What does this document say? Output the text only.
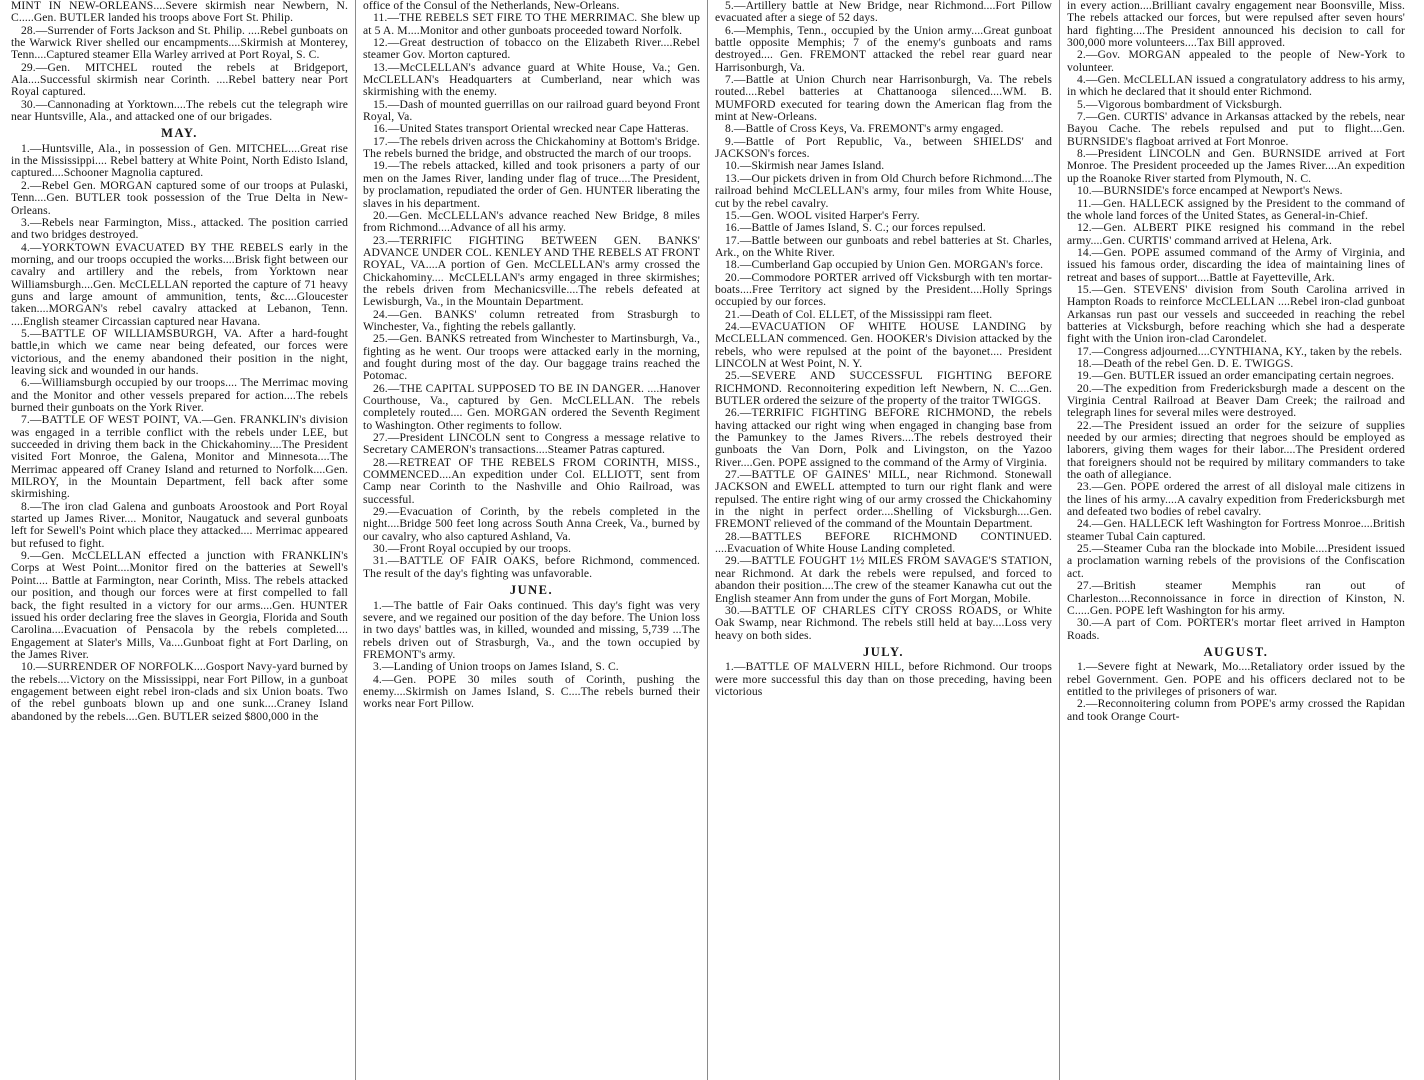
MINT IN NEW-ORLEANS....Severe skirmish near Newbern, N. C.....Gen. BUTLER landed his troops above Fort St. Philip.

28.—Surrender of Forts Jackson and St. Philip. ....Rebel gunboats on the Warwick River shelled our encampments....Skirmish at Monterey, Tenn....Captured steamer Ella Warley arrived at Port Royal, S. C.

29.—Gen. MITCHEL routed the rebels at Bridgeport, Ala....Successful skirmish near Corinth. ....Rebel battery near Port Royal captured.

30.—Cannonading at Yorktown....The rebels cut the telegraph wire near Huntsville, Ala., and attacked one of our brigades.

MAY.

1.—Huntsville, Ala., in possession of Gen. MITCHEL....Great rise in the Mississippi.... Rebel battery at White Point, North Edisto Island, captured....Schooner Magnolia captured.

2.—Rebel Gen. MORGAN captured some of our troops at Pulaski, Tenn....Gen. BUTLER took possession of the True Delta in New-Orleans.

3.—Rebels near Farmington, Miss., attacked. The position carried and two bridges destroyed.

4.—YORKTOWN EVACUATED BY THE REBELS early in the morning, and our troops occupied the works....Brisk fight between our cavalry and artillery and the rebels, from Yorktown near Williamsburgh....Gen. McCLELLAN reported the capture of 71 heavy guns and large amount of ammunition, tents, &c....Gloucester taken....MORGAN's rebel cavalry attacked at Lebanon, Tenn. ....English steamer Circassian captured near Havana.

5.—BATTLE OF WILLIAMSBURGH, VA. After a hard-fought battle,in which we came near being defeated, our forces were victorious, and the enemy abandoned their position in the night, leaving sick and wounded in our hands.

6.—Williamsburgh occupied by our troops.... The Merrimac moving and the Monitor and other vessels prepared for action....The rebels burned their gunboats on the York River.

7.—BATTLE OF WEST POINT, VA.—Gen. FRANKLIN's division was engaged in a terrible conflict with the rebels under LEE, but succeeded in driving them back in the Chickahominy....The President visited Fort Monroe, the Galena, Monitor and Minnesota....The Merrimac appeared off Craney Island and returned to Norfolk....Gen. MILROY, in the Mountain Department, fell back after some skirmishing.

8.—The iron clad Galena and gunboats Aroostook and Port Royal started up James River.... Monitor, Naugatuck and several gunboats left for Sewell's Point which place they attacked.... Merrimac appeared but refused to fight.

9.—Gen. McCLELLAN effected a junction with FRANKLIN's Corps at West Point....Monitor fired on the batteries at Sewell's Point.... Battle at Farmington, near Corinth, Miss. The rebels attacked our position, and though our forces were at first compelled to fall back, the fight resulted in a victory for our arms....Gen. HUNTER issued his order declaring free the slaves in Georgia, Florida and South Carolina....Evacuation of Pensacola by the rebels completed.... Engagement at Slater's Mills, Va....Gunboat fight at Fort Darling, on the James River.

10.—SURRENDER OF NORFOLK....Gosport Navy-yard burned by the rebels....Victory on the Mississippi, near Fort Pillow, in a gunboat engagement between eight rebel iron-clads and six Union boats. Two of the rebel gunboats blown up and one sunk....Craney Island abandoned by the rebels....Gen. BUTLER seized $800,000 in the

office of the Consul of the Netherlands, New-Orleans.

11.—THE REBELS SET FIRE TO THE MERRIMAC. She blew up at 5 A. M....Monitor and other gunboats proceeded toward Norfolk.

12.—Great destruction of tobacco on the Elizabeth River....Rebel steamer Gov. Morton captured.

13.—McCLELLAN's advance guard at White House, Va.; Gen. McCLELLAN's Headquarters at Cumberland, near which was skirmishing with the enemy.

15.—Dash of mounted guerrillas on our railroad guard beyond Front Royal, Va.

16.—United States transport Oriental wrecked near Cape Hatteras.

17.—The rebels driven across the Chickahominy at Bottom's Bridge. The rebels burned the bridge, and obstructed the march of our troops.

19.—The rebels attacked, killed and took prisoners a party of our men on the James River, landing under flag of truce....The President, by proclamation, repudiated the order of Gen. HUNTER liberating the slaves in his department.

20.—Gen. McCLELLAN's advance reached New Bridge, 8 miles from Richmond....Advance of all his army.

23.—TERRIFIC FIGHTING BETWEEN GEN. BANKS' ADVANCE UNDER COL. KENLEY AND THE REBELS AT FRONT ROYAL, VA....A portion of Gen. McCLELLAN's army crossed the Chickahominy.... McCLELLAN's army engaged in three skirmishes; the rebels driven from Mechanicsville....The rebels defeated at Lewisburgh, Va., in the Mountain Department.

24.—Gen. BANKS' column retreated from Strasburgh to Winchester, Va., fighting the rebels gallantly.

25.—Gen. BANKS retreated from Winchester to Martinsburgh, Va., fighting as he went. Our troops were attacked early in the morning, and fought during most of the day. Our baggage trains reached the Potomac.

26.—THE CAPITAL SUPPOSED TO BE IN DANGER. ....Hanover Courthouse, Va., captured by Gen. McCLELLAN. The rebels completely routed.... Gen. MORGAN ordered the Seventh Regiment to Washington. Other regiments to follow.

27.—President LINCOLN sent to Congress a message relative to Secretary CAMERON's transactions....Steamer Patras captured.

28.—RETREAT OF THE REBELS FROM CORINTH, MISS., COMMENCED....An expedition under Col. ELLIOTT, sent from Camp near Corinth to the Nashville and Ohio Railroad, was successful.

29.—Evacuation of Corinth, by the rebels completed in the night....Bridge 500 feet long across South Anna Creek, Va., burned by our cavalry, who also captured Ashland, Va.

30.—Front Royal occupied by our troops.

31.—BATTLE OF FAIR OAKS, before Richmond, commenced. The result of the day's fighting was unfavorable.

JUNE.

1.—The battle of Fair Oaks continued. This day's fight was very severe, and we regained our position of the day before. The Union loss in two days' battles was, in killed, wounded and missing, 5,739 ...The rebels driven out of Strasburgh, Va., and the town occupied by FREMONT's army.

3.—Landing of Union troops on James Island, S. C.

4.—Gen. POPE 30 miles south of Corinth, pushing the enemy....Skirmish on James Island, S. C....The rebels burned their works near Fort Pillow.

5.—Artillery battle at New Bridge, near Richmond....Fort Pillow evacuated after a siege of 52 days.

6.—Memphis, Tenn., occupied by the Union army....Great gunboat battle opposite Memphis; 7 of the enemy's gunboats and rams destroyed.... Gen. FREMONT attacked the rebel rear guard near Harrisonburgh, Va.

7.—Battle at Union Church near Harrisonburgh, Va. The rebels routed....Rebel batteries at Chattanooga silenced....WM. B. MUMFORD executed for tearing down the American flag from the mint at New-Orleans.

8.—Battle of Cross Keys, Va. FREMONT's army engaged.

9.—Battle of Port Republic, Va., between SHIELDS' and JACKSON's forces.

10.—Skirmish near James Island.

13.—Our pickets driven in from Old Church before Richmond....The railroad behind McCLELLAN's army, four miles from White House, cut by the rebel cavalry.

15.—Gen. WOOL visited Harper's Ferry.

16.—Battle of James Island, S. C.; our forces repulsed.

17.—Battle between our gunboats and rebel batteries at St. Charles, Ark., on the White River.

18.—Cumberland Gap occupied by Union Gen. MORGAN's force.

20.—Commodore PORTER arrived off Vicksburgh with ten mortar-boats....Free Territory act signed by the President....Holly Springs occupied by our forces.

21.—Death of Col. ELLET, of the Mississippi ram fleet.

24.—EVACUATION OF WHITE HOUSE LANDING by McCLELLAN commenced. Gen. HOOKER's Division attacked by the rebels, who were repulsed at the point of the bayonet.... President LINCOLN at West Point, N. Y.

25.—SEVERE AND SUCCESSFUL FIGHTING BEFORE RICHMOND. Reconnoitering expedition left Newbern, N. C....Gen. BUTLER ordered the seizure of the property of the traitor TWIGGS.

26.—TERRIFIC FIGHTING BEFORE RICHMOND, the rebels having attacked our right wing when engaged in changing base from the Pamunkey to the James Rivers....The rebels destroyed their gunboats the Van Dorn, Polk and Livingston, on the Yazoo River....Gen. POPE assigned to the command of the Army of Virginia.

27.—BATTLE OF GAINES' MILL, near Richmond. Stonewall JACKSON and EWELL attempted to turn our right flank and were repulsed. The entire right wing of our army crossed the Chickahominy in the night in perfect order....Shelling of Vicksburgh....Gen. FREMONT relieved of the command of the Mountain Department.

28.—BATTLES BEFORE RICHMOND CONTINUED. ....Evacuation of White House Landing completed.

29.—BATTLE FOUGHT 1½ MILES FROM SAVAGE'S STATION, near Richmond. At dark the rebels were repulsed, and forced to abandon their position....The crew of the steamer Kanawha cut out the English steamer Ann from under the guns of Fort Morgan, Mobile.

30.—BATTLE OF CHARLES CITY CROSS ROADS, or White Oak Swamp, near Richmond. The rebels still held at bay....Loss very heavy on both sides.

JULY.

1.—BATTLE OF MALVERN HILL, before Richmond. Our troops were more successful this day than on those preceding, having been victorious

in every action....Brilliant cavalry engagement near Boonsville, Miss. The rebels attacked our forces, but were repulsed after seven hours' hard fighting....The President announced his decision to call for 300,000 more volunteers....Tax Bill approved.

2.—Gov. MORGAN appealed to the people of New-York to volunteer.

4.—Gen. McCLELLAN issued a congratulatory address to his army, in which he declared that it should enter Richmond.

5.—Vigorous bombardment of Vicksburgh.

7.—Gen. CURTIS' advance in Arkansas attacked by the rebels, near Bayou Cache. The rebels repulsed and put to flight....Gen. BURNSIDE's flagboat arrived at Fort Monroe.

8.—President LINCOLN and Gen. BURNSIDE arrived at Fort Monroe. The President proceeded up the James River....An expedition up the Roanoke River started from Plymouth, N. C.

10.—BURNSIDE's force encamped at Newport's News.

11.—Gen. HALLECK assigned by the President to the command of the whole land forces of the United States, as General-in-Chief.

12.—Gen. ALBERT PIKE resigned his command in the rebel army....Gen. CURTIS' command arrived at Helena, Ark.

14.—Gen. POPE assumed command of the Army of Virginia, and issued his famous order, discarding the idea of maintaining lines of retreat and bases of support....Battle at Fayetteville, Ark.

15.—Gen. STEVENS' division from South Carolina arrived in Hampton Roads to reinforce McCLELLAN ....Rebel iron-clad gunboat Arkansas run past our vessels and succeeded in reaching the rebel batteries at Vicksburgh, before reaching which she had a desperate fight with the Union iron-clad Carondelet.

17.—Congress adjourned....CYNTHIANA, KY., taken by the rebels.

18.—Death of the rebel Gen. D. E. TWIGGS.

19.—Gen. BUTLER issued an order emancipating certain negroes.

20.—The expedition from Fredericksburgh made a descent on the Virginia Central Railroad at Beaver Dam Creek; the railroad and telegraph lines for several miles were destroyed.

22.—The President issued an order for the seizure of supplies needed by our armies; directing that negroes should be employed as laborers, giving them wages for their labor....The President ordered that foreigners should not be required by military commanders to take the oath of allegiance.

23.—Gen. POPE ordered the arrest of all disloyal male citizens in the lines of his army....A cavalry expedition from Fredericksburgh met and defeated two bodies of rebel cavalry.

24.—Gen. HALLECK left Washington for Fortress Monroe....British steamer Tubal Cain captured.

25.—Steamer Cuba ran the blockade into Mobile....President issued a proclamation warning rebels of the provisions of the Confiscation act.

27.—British steamer Memphis ran out of Charleston....Reconnoissance in force in direction of Kinston, N. C.....Gen. POPE left Washington for his army.

30.—A part of Com. PORTER's mortar fleet arrived in Hampton Roads.

AUGUST.

1.—Severe fight at Newark, Mo....Retaliatory order issued by the rebel Government. Gen. POPE and his officers declared not to be entitled to the privileges of prisoners of war.

2.—Reconnoitering column from POPE's army crossed the Rapidan and took Orange Court-
